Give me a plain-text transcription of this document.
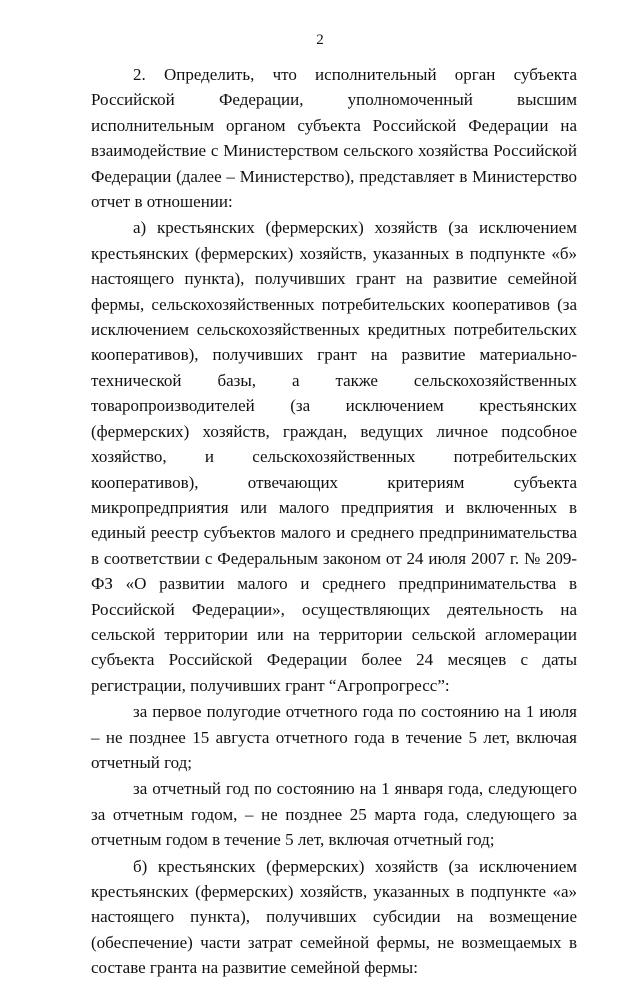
2

2. Определить, что исполнительный орган субъекта Российской Федерации, уполномоченный высшим исполнительным органом субъекта Российской Федерации на взаимодействие с Министерством сельского хозяйства Российской Федерации (далее – Министерство), представляет в Министерство отчет в отношении:

а) крестьянских (фермерских) хозяйств (за исключением крестьянских (фермерских) хозяйств, указанных в подпункте «б» настоящего пункта), получивших грант на развитие семейной фермы, сельскохозяйственных потребительских кооперативов (за исключением сельскохозяйственных кредитных потребительских кооперативов), получивших грант на развитие материально-технической базы, а также сельскохозяйственных товаропроизводителей (за исключением крестьянских (фермерских) хозяйств, граждан, ведущих личное подсобное хозяйство, и сельскохозяйственных потребительских кооперативов), отвечающих критериям субъекта микропредприятия или малого предприятия и включенных в единый реестр субъектов малого и среднего предпринимательства в соответствии с Федеральным законом от 24 июля 2007 г. № 209-ФЗ «О развитии малого и среднего предпринимательства в Российской Федерации», осуществляющих деятельность на сельской территории или на территории сельской агломерации субъекта Российской Федерации более 24 месяцев с даты регистрации, получивших грант “Агропрогресс”:

за первое полугодие отчетного года по состоянию на 1 июля – не позднее 15 августа отчетного года в течение 5 лет, включая отчетный год;

за отчетный год по состоянию на 1 января года, следующего за отчетным годом, – не позднее 25 марта года, следующего за отчетным годом в течение 5 лет, включая отчетный год;

б) крестьянских (фермерских) хозяйств (за исключением крестьянских (фермерских) хозяйств, указанных в подпункте «а» настоящего пункта), получивших субсидии на возмещение (обеспечение) части затрат семейной фермы, не возмещаемых в составе гранта на развитие семейной фермы:
